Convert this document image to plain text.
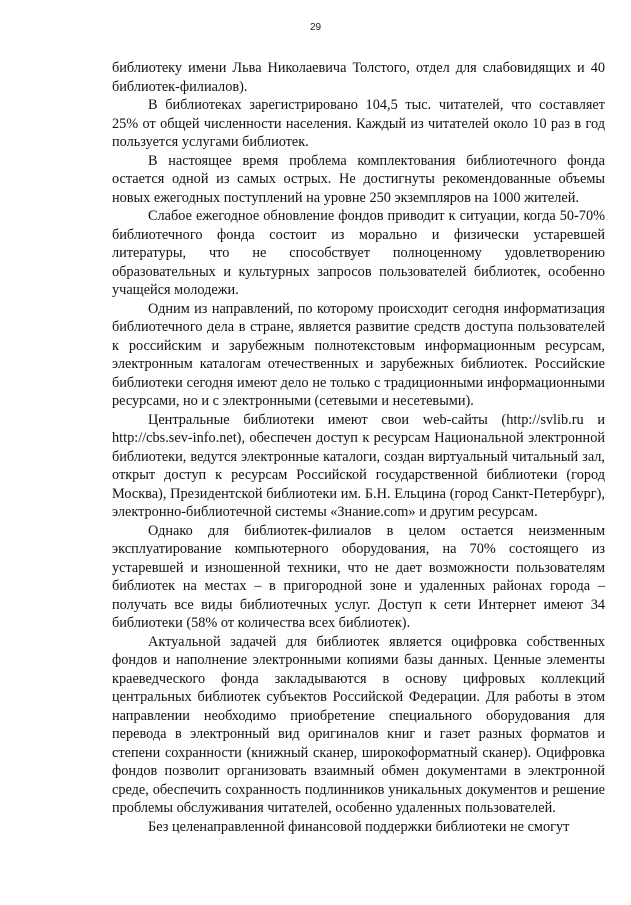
29

библиотеку имени Льва Николаевича Толстого, отдел для слабовидящих и 40 библиотек-филиалов).

В библиотеках зарегистрировано 104,5 тыс. читателей, что составляет 25% от общей численности населения. Каждый из читателей около 10 раз в год пользуется услугами библиотек.

В настоящее время проблема комплектования библиотечного фонда остается одной из самых острых. Не достигнуты рекомендованные объемы новых ежегодных поступлений на уровне 250 экземпляров на 1000 жителей.

Слабое ежегодное обновление фондов приводит к ситуации, когда 50-70% библиотечного фонда состоит из морально и физически устаревшей литературы, что не способствует полноценному удовлетворению образовательных и культурных запросов пользователей библиотек, особенно учащейся молодежи.

Одним из направлений, по которому происходит сегодня информатизация библиотечного дела в стране, является развитие средств доступа пользователей к российским и зарубежным полнотекстовым информационным ресурсам, электронным каталогам отечественных и зарубежных библиотек. Российские библиотеки сегодня имеют дело не только с традиционными информационными ресурсами, но и с электронными (сетевыми и несетевыми).

Центральные библиотеки имеют свои web-сайты (http://svlib.ru и http://cbs.sev-info.net), обеспечен доступ к ресурсам Национальной электронной библиотеки, ведутся электронные каталоги, создан виртуальный читальный зал, открыт доступ к ресурсам Российской государственной библиотеки (город Москва), Президентской библиотеки им. Б.Н. Ельцина (город Санкт-Петербург), электронно-библиотечной системы «Знание.com» и другим ресурсам.

Однако для библиотек-филиалов в целом остается неизменным эксплуатирование компьютерного оборудования, на 70% состоящего из устаревшей и изношенной техники, что не дает возможности пользователям библиотек на местах – в пригородной зоне и удаленных районах города –получать все виды библиотечных услуг. Доступ к сети Интернет имеют 34 библиотеки (58% от количества всех библиотек).

Актуальной задачей для библиотек является оцифровка собственных фондов и наполнение электронными копиями базы данных. Ценные элементы краеведческого фонда закладываются в основу цифровых коллекций центральных библиотек субъектов Российской Федерации. Для работы в этом направлении необходимо приобретение специального оборудования для перевода в электронный вид оригиналов книг и газет разных форматов и степени сохранности (книжный сканер, широкоформатный сканер). Оцифровка фондов позволит организовать взаимный обмен документами в электронной среде, обеспечить сохранность подлинников уникальных документов и решение проблемы обслуживания читателей, особенно удаленных пользователей.

Без целенаправленной финансовой поддержки библиотеки не смогут
